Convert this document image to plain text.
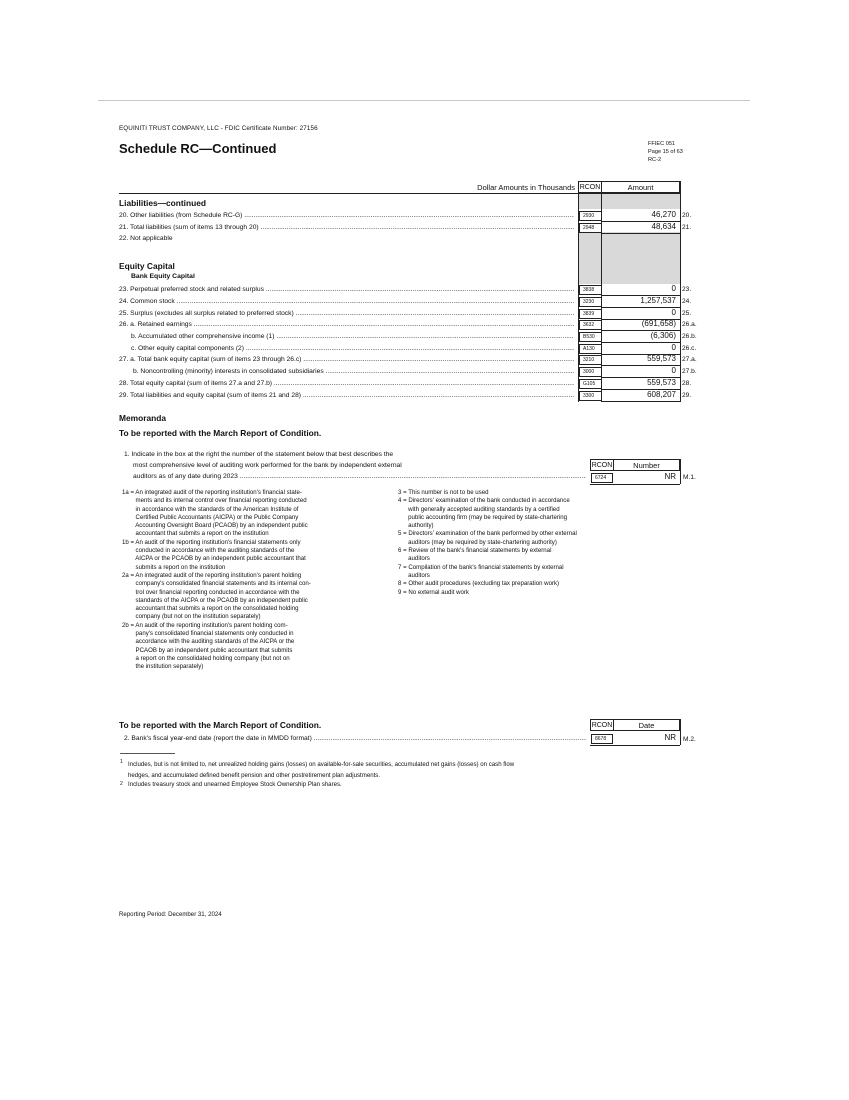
EQUINITI TRUST COMPANY, LLC - FDIC Certificate Number: 27156
Schedule RC—Continued	FFIEC 051
Page 15 of 63
RC-2
Dollar Amounts in Thousands RCON	Amount
Liabilities—continued
20. Other liabilities (from Schedule RC-G) .....	2930	46,270 20.
21. Total liabilities (sum of items 13 through 20) .....	2948	48,634 21.
22. Not applicable
Equity Capital
Bank Equity Capital
23. Perpetual preferred stock and related surplus .....	3838	0 23.
24. Common stock .....	3230	1,257,537 24.
25. Surplus (excludes all surplus related to preferred stock) .....	3839	0 25.
26. a. Retained earnings .....	3632	(691,658) 26.a.
b. Accumulated other comprehensive income (1) .....	B530	(6,306) 26.b.
c. Other equity capital components (2) .....	A130	0 26.c.
27. a. Total bank equity capital (sum of items 23 through 26.c) .....	3210	559,573 27.a.
b. Noncontrolling (minority) interests in consolidated subsidiaries .....	3000	0 27.b.
28. Total equity capital (sum of items 27.a and 27.b) .....	G105	559,573 28.
29. Total liabilities and equity capital (sum of items 21 and 28) .....	3300	608,207 29.
Memoranda
To be reported with the March Report of Condition.
1. Indicate in the box at the right the number of the statement below that best describes the
most comprehensive level of auditing work performed for the bank by independent external
auditors as of any date during 2023 .....
RCON	Number
6724	NR	M.1.
1a = An integrated audit of the reporting institution's financial state-
ments and its internal control over financial reporting conducted
in accordance with the standards of the American Institute of
Certified Public Accountants (AICPA) or the Public Company
Accounting Oversight Board (PCAOB) by an independent public
accountant that submits a report on the institution
1b = An audit of the reporting institution's financial statements only
conducted in accordance with the auditing standards of the
AICPA or the PCAOB by an independent public accountant that
submits a report on the institution
2a = An integrated audit of the reporting institution's parent holding
company's consolidated financial statements and its internal con-
trol over financial reporting conducted in accordance with the
standards of the AICPA or the PCAOB by an independent public
accountant that submits a report on the consolidated holding
company (but not on the institution separately)
2b = An audit of the reporting institution's parent holding com-
pany's consolidated financial statements only conducted in
accordance with the auditing standards of the AICPA or the
PCAOB by an independent public accountant that submits
a report on the consolidated holding company (but not on
the institution separately)
3 = This number is not to be used
4 = Directors' examination of the bank conducted in accordance
with generally accepted auditing standards by a certified
public accounting firm (may be required by state-chartering
authority)
5 = Directors' examination of the bank performed by other external
auditors (may be required by state-chartering authority)
6 = Review of the bank's financial statements by external
auditors
7 = Compilation of the bank's financial statements by external
auditors
8 = Other audit procedures (excluding tax preparation work)
9 = No external audit work
To be reported with the March Report of Condition.	RCON	Date
2. Bank's fiscal year-end date (report the date in MMDD format) .....	8678	NR	M.2.
1 Includes, but is not limited to, net unrealized holding gains (losses) on available-for-sale securities, accumulated net gains (losses) on cash flow
hedges, and accumulated defined benefit pension and other postretirement plan adjustments.
2 Includes treasury stock and unearned Employee Stock Ownership Plan shares.
Reporting Period: December 31, 2024
